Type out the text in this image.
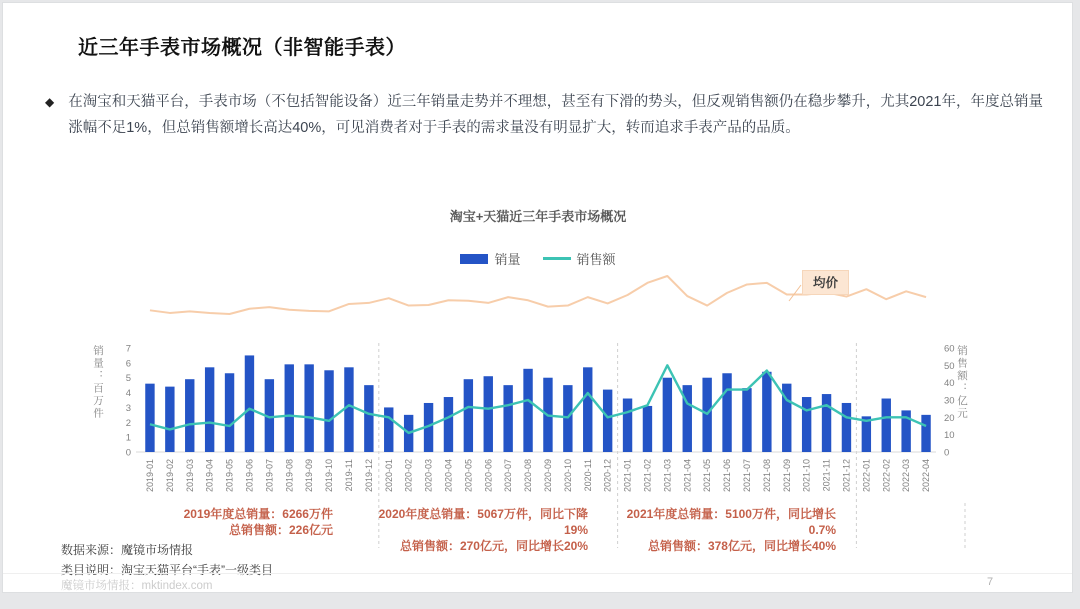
近三年手表市场概况（非智能手表）
◆ 在淘宝和天猫平台，手表市场（不包括智能设备）近三年销量走势并不理想，甚至有下滑的势头，但反观销售额仍在稳步攀升，尤其2021年，年度总销量涨幅不足1%，但总销售额增长高达40%，可见消费者对于手表的需求量没有明显扩大，转而追求手表产品的品质。
0
1
2
3
4
5
6
7
0
10
20
30
40
50
60
2019-01 2019-02 2019-03 2019-04 2019-05 2019-06 2019-07 2019-08 2019-09 2019-10 2019-11 2019-12 2020-01 2020-02 2020-03 2020-04 2020-05 2020-06 2020-07 2020-08 2020-09 2020-10 2020-11 2020-12 2021-01 2021-02 2021-03 2021-04 2021-05 2021-06 2021-07 2021-08 2021-09 2021-10 2021-11 2021-12 2022-01 2022-02 2022-03 2022-04
淘宝+天猫近三年手表市场概况
销量	销售额
均价
销量：百万件	销售额：亿元
2019年度总销量：6266万件
总销售额：226亿元
2020年度总销量：5067万件，同比下降19%
总销售额：270亿元，同比增长20%
2021年度总销量：5100万件，同比增长0.7%
总销售额：378亿元，同比增长40%
数据来源：魔镜市场情报
类目说明：淘宝天猫平台“手表”一级类目
魔镜市场情报：mktindex.com	7
